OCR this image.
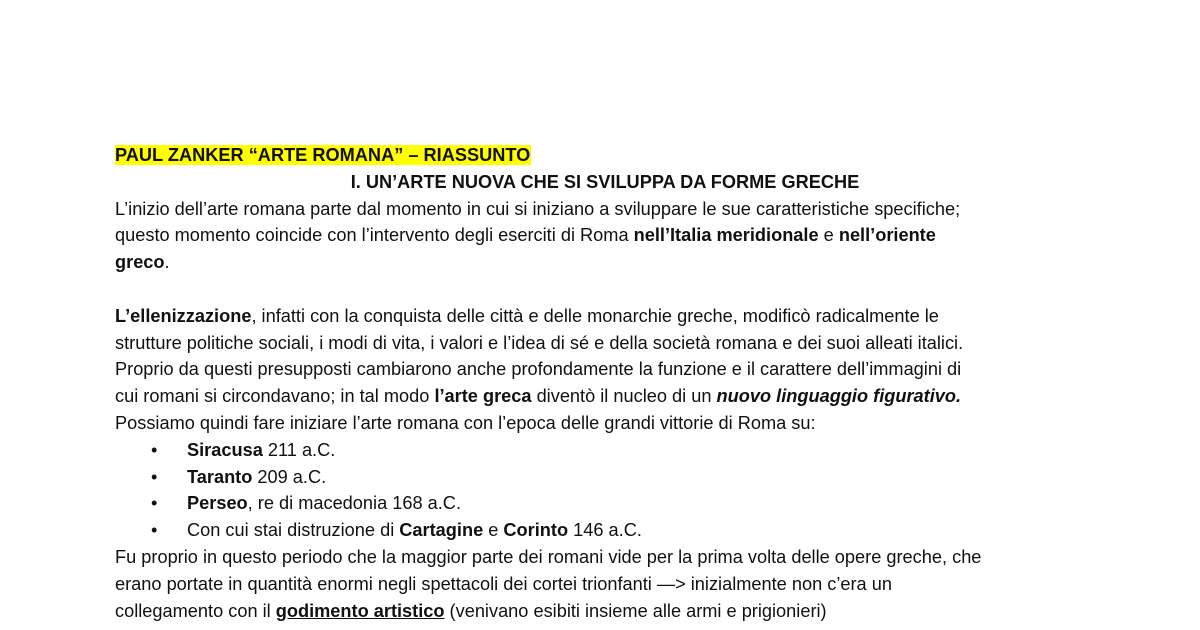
PAUL ZANKER “ARTE ROMANA” – RIASSUNTO
I. UN’ARTE NUOVA CHE SI SVILUPPA DA FORME GRECHE

L’inizio dell’arte romana parte dal momento in cui si iniziano a sviluppare le sue caratteristiche specifiche;
questo momento coincide con l’intervento degli eserciti di Roma nell’Italia meridionale e nell’oriente
greco.

L’ellenizzazione, infatti con la conquista delle città e delle monarchie greche, modificò radicalmente le
strutture politiche sociali, i modi di vita, i valori e l’idea di sé e della società romana e dei suoi alleati italici.
Proprio da questi presupposti cambiarono anche profondamente la funzione e il carattere dell’immagini di
cui romani si circondavano; in tal modo l’arte greca diventò il nucleo di un nuovo linguaggio figurativo.
Possiamo quindi fare iniziare l’arte romana con l’epoca delle grandi vittorie di Roma su:

•	Siracusa 211 a.C.
•	Taranto 209 a.C.
•	Perseo, re di macedonia 168 a.C.
•	Con cui stai distruzione di Cartagine e Corinto 146 a.C.

Fu proprio in questo periodo che la maggior parte dei romani vide per la prima volta delle opere greche, che
erano portate in quantità enormi negli spettacoli dei cortei trionfanti —> inizialmente non c’era un
collegamento con il godimento artistico (venivano esibiti insieme alle armi e prigionieri)
